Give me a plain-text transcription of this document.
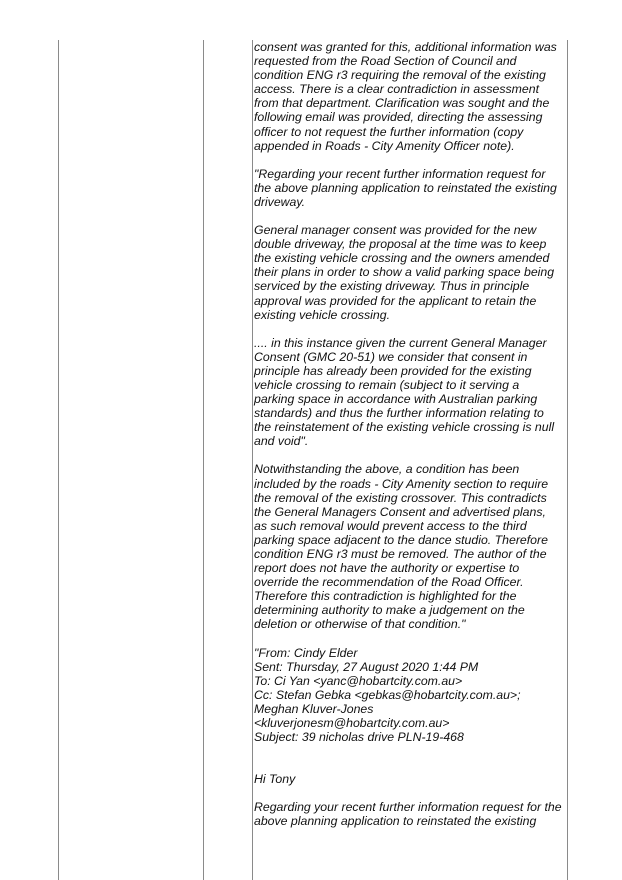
consent was granted for this, additional information was
requested from the Road Section of Council and
condition ENG r3 requiring the removal of the existing
access. There is a clear contradiction in assessment
from that department. Clarification was sought and the
following email was provided, directing the assessing
officer to not request the further information (copy
appended in Roads - City Amenity Officer note).
"Regarding your recent further information request for
the above planning application to reinstated the existing
driveway.
General manager consent was provided for the new
double driveway, the proposal at the time was to keep
the existing vehicle crossing and the owners amended
their plans in order to show a valid parking space being
serviced by the existing driveway. Thus in principle
approval was provided for the applicant to retain the
existing vehicle crossing.
.... in this instance given the current General Manager
Consent (GMC 20-51) we consider that consent in
principle has already been provided for the existing
vehicle crossing to remain (subject to it serving a
parking space in accordance with Australian parking
standards) and thus the further information relating to
the reinstatement of the existing vehicle crossing is null
and void".
Notwithstanding the above, a condition has been
included by the roads - City Amenity section to require
the removal of the existing crossover. This contradicts
the General Managers Consent and advertised plans,
as such removal would prevent access to the third
parking space adjacent to the dance studio. Therefore
condition ENG r3 must be removed. The author of the
report does not have the authority or expertise to
override the recommendation of the Road Officer.
Therefore this contradiction is highlighted for the
determining authority to make a judgement on the
deletion or otherwise of that condition."
"From: Cindy Elder
Sent: Thursday, 27 August 2020 1:44 PM
To: Ci Yan <yanc@hobartcity.com.au>
Cc: Stefan Gebka <gebkas@hobartcity.com.au>;
Meghan Kluver-Jones
<kluverjonesm@hobartcity.com.au>
Subject: 39 nicholas drive PLN-19-468
Hi Tony
Regarding your recent further information request for the
above planning application to reinstated the existing
